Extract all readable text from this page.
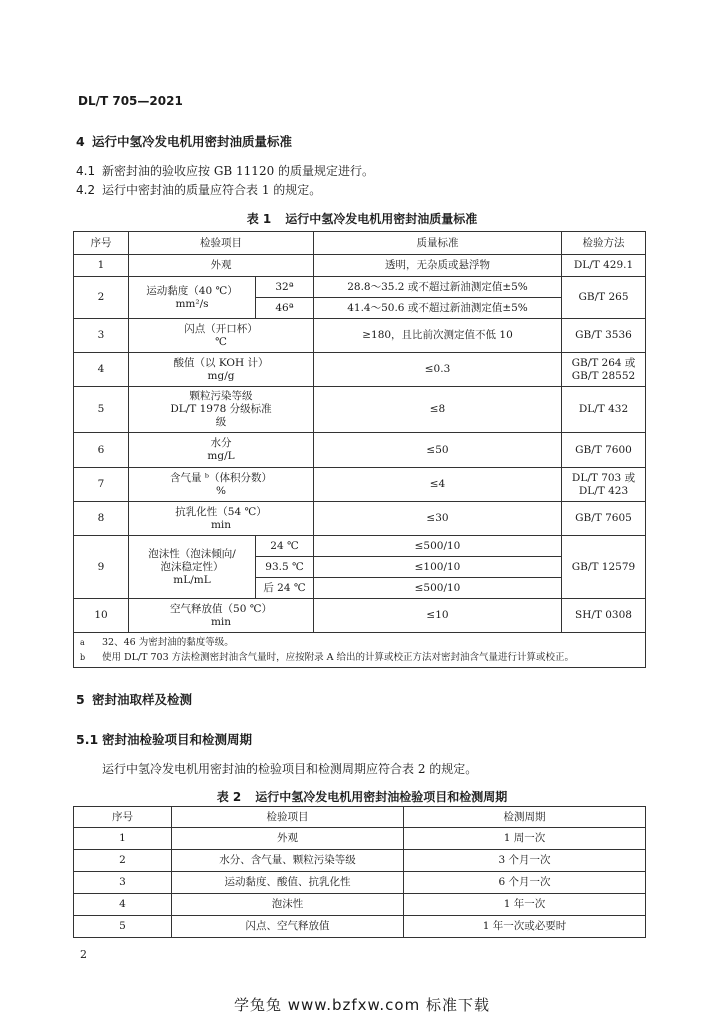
DL/T 705—2021
4 运行中氢冷发电机用密封油质量标准
4.1 新密封油的验收应按 GB 11120 的质量规定进行。
4.2 运行中密封油的质量应符合表 1 的规定。
表 1 运行中氢冷发电机用密封油质量标准
序号	检验项目		质量标准	检验方法
1	外观		透明，无杂质或悬浮物	DL/T 429.1
2	运动黏度（40 ℃）
mm²/s	32ª	28.8～35.2 或不超过新油测定值±5%	GB/T 265
		46ª	41.4～50.6 或不超过新油测定值±5%	
3	闪点（开口杯）
℃		≥180，且比前次测定值不低 10	GB/T 3536
4	酸值（以 KOH 计）
mg/g		≤0.3	GB/T 264 或
GB/T 28552
5	颗粒污染等级
DL/T 1978 分级标准
级		≤8	DL/T 432
6	水分
mg/L		≤50	GB/T 7600
7	含气量 ᵇ（体积分数）
%		≤4	DL/T 703 或
DL/T 423
8	抗乳化性（54 ℃）
min		≤30	GB/T 7605
9	泡沫性（泡沫倾向/
泡沫稳定性）
mL/mL	24 ℃	≤500/10	GB/T 12579
		93.5 ℃	≤100/10	
		后 24 ℃	≤500/10	
10	空气释放值（50 ℃）
min		≤10	SH/T 0308

a 32、46 为密封油的黏度等级。
b 使用 DL/T 703 方法检测密封油含气量时，应按附录 A 给出的计算或校正方法对密封油含气量进行计算或校正。				
5 密封油取样及检测
5.1 密封油检验项目和检测周期
运行中氢冷发电机用密封油的检验项目和检测周期应符合表 2 的规定。
表 2 运行中氢冷发电机用密封油检验项目和检测周期
序号	检验项目	检测周期
1	外观	1 周一次
2	水分、含气量、颗粒污染等级	3 个月一次
3	运动黏度、酸值、抗乳化性	6 个月一次
4	泡沫性	1 年一次
5	闪点、空气释放值	1 年一次或必要时
2
学兔兔 www.bzfxw.com 标准下载
